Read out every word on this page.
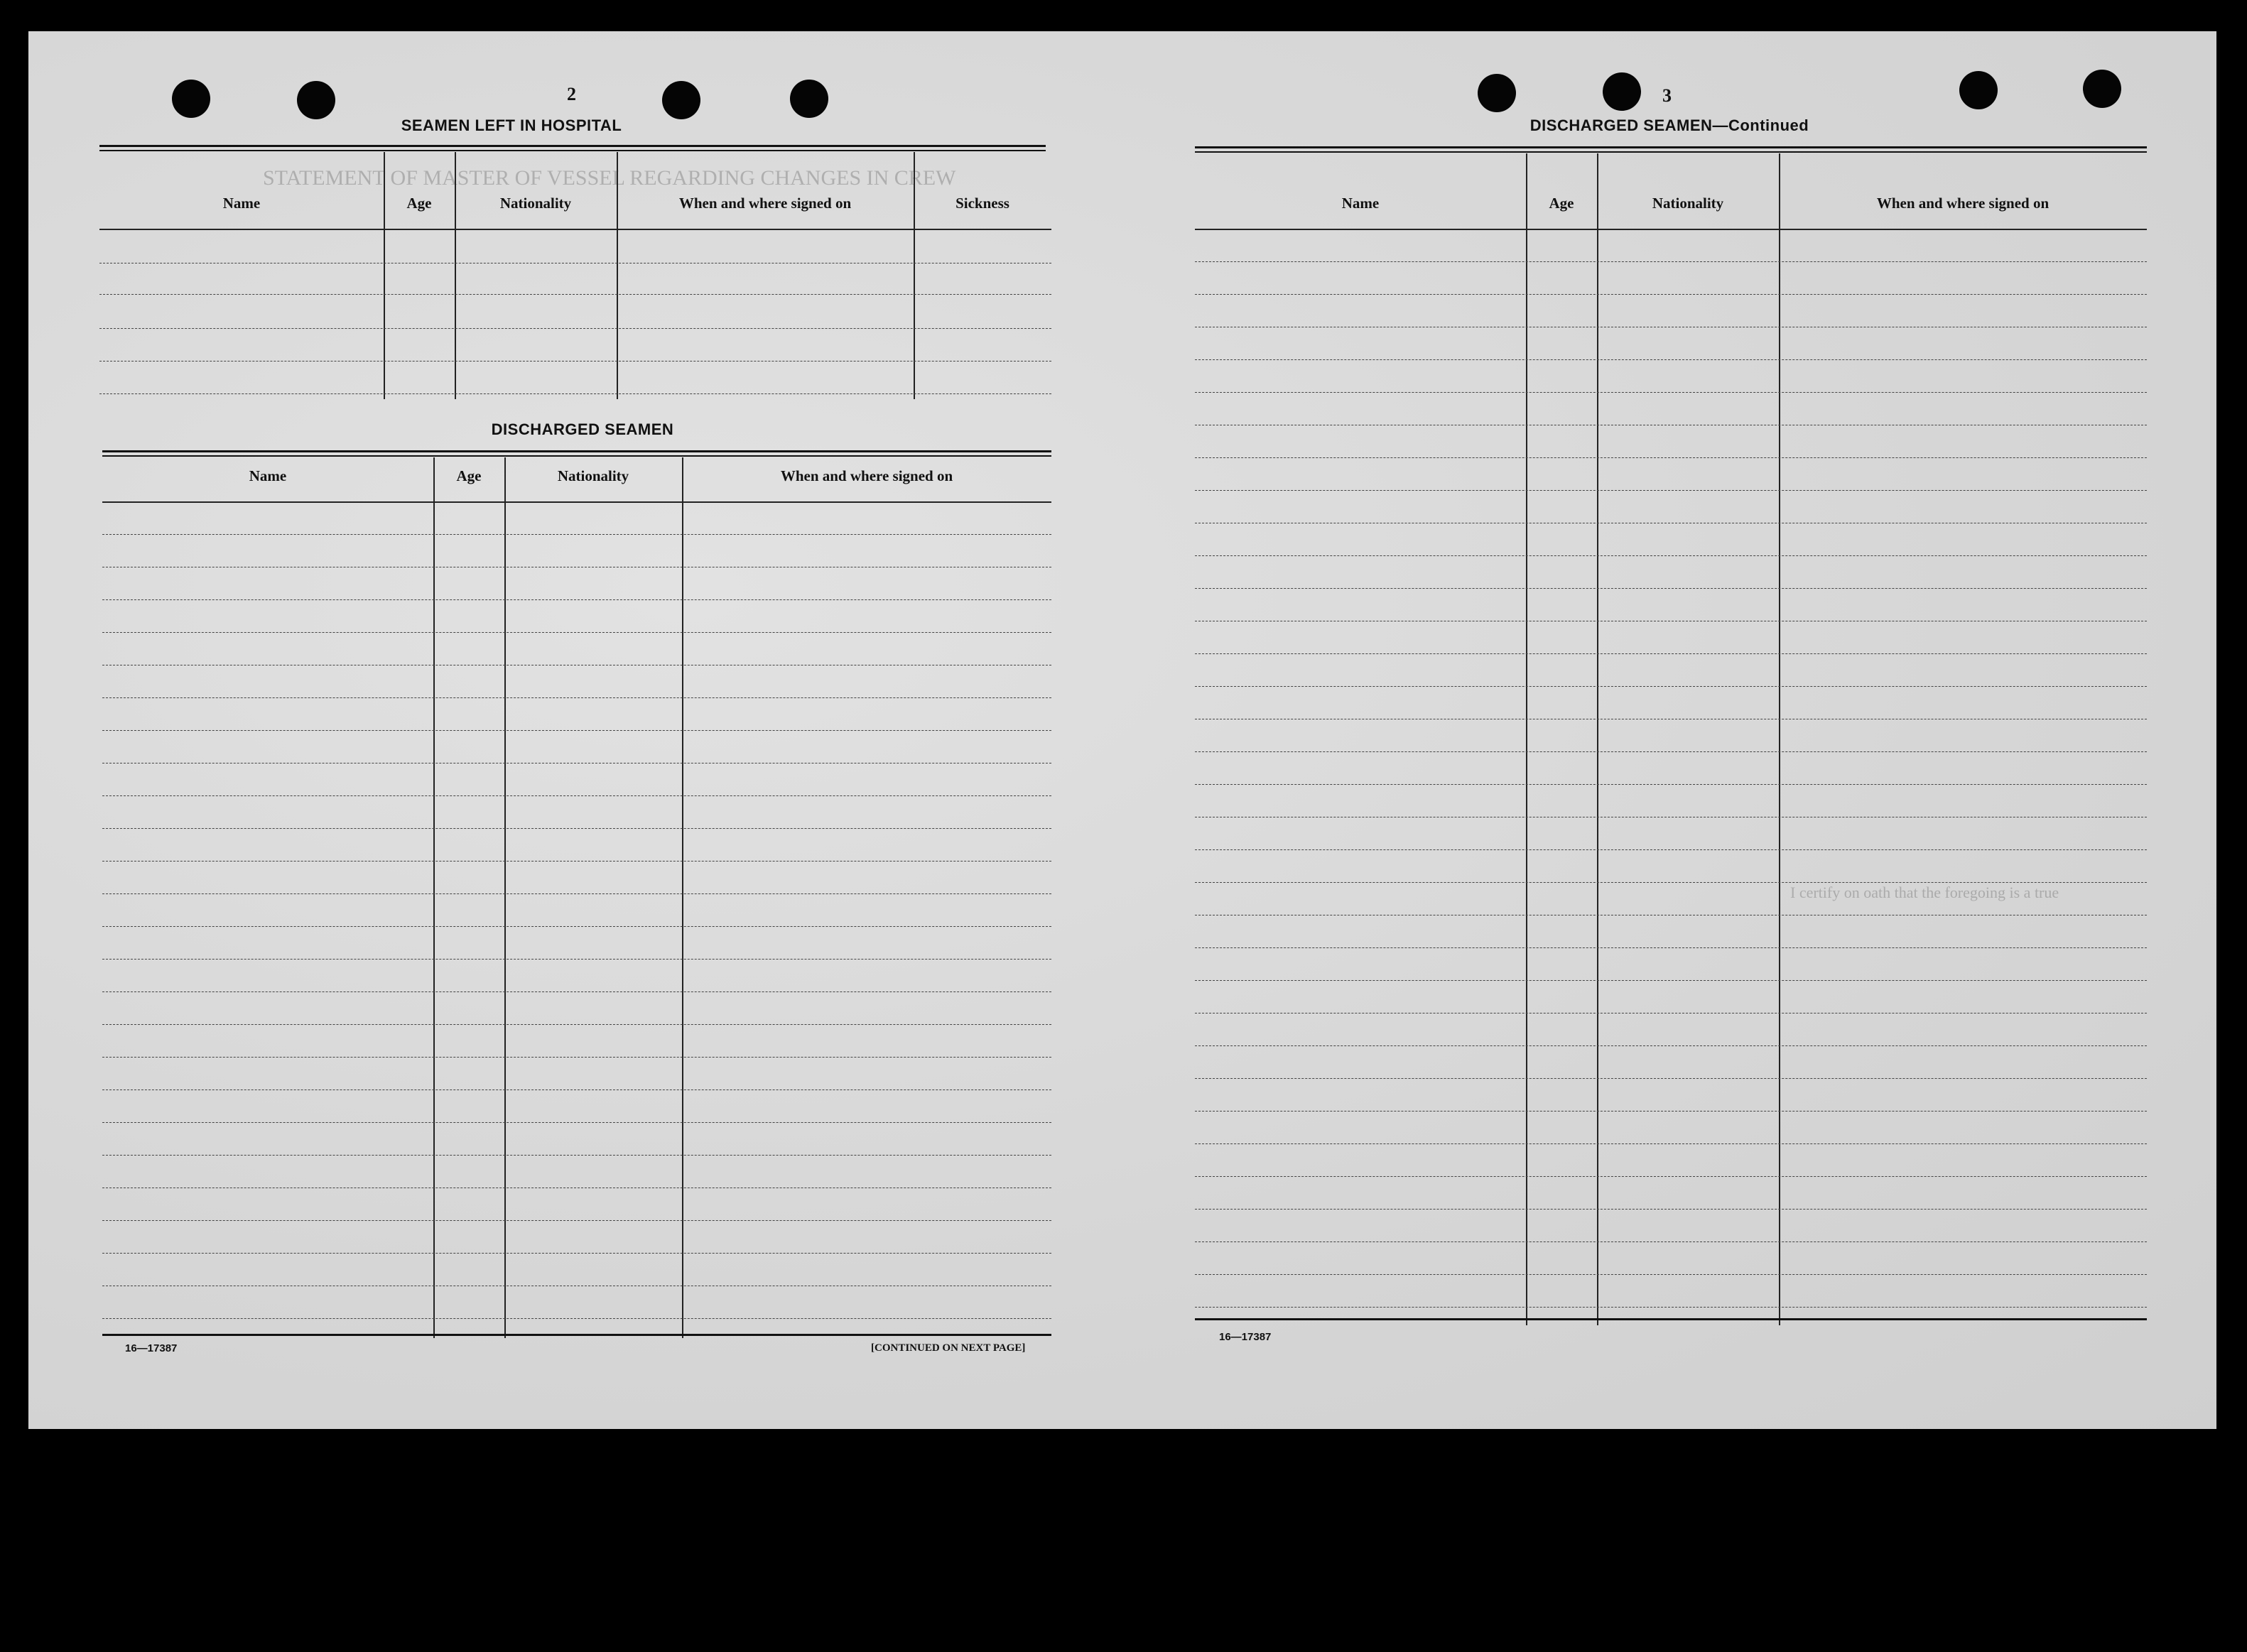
STATEMENT OF MASTER OF VESSEL REGARDING CHANGES IN CREW
I certify on oath that the foregoing is a true
2
SEAMEN LEFT IN HOSPITAL
Name	Age	Nationality	When and where signed on	Sickness
DISCHARGED SEAMEN
Name	Age	Nationality	When and where signed on
16—17387	[CONTINUED ON NEXT PAGE]
3
DISCHARGED SEAMEN—Continued
Name	Age	Nationality	When and where signed on
16—17387
